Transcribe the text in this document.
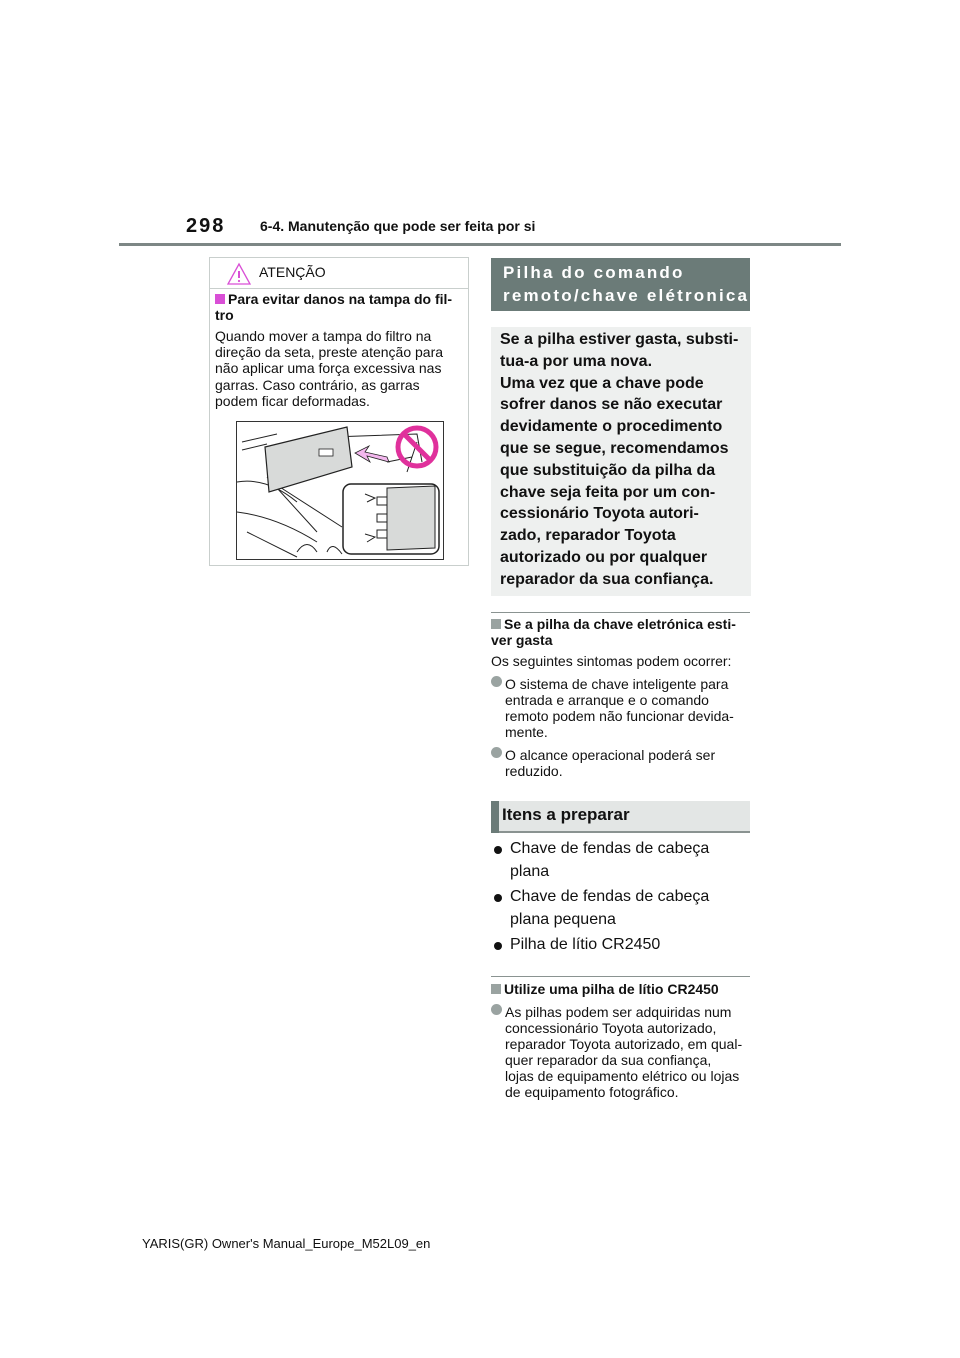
298 6-4. Manutenção que pode ser feita por si
ATENÇÃO
Para evitar danos na tampa do fil-
tro
Quando mover a tampa do filtro na
direção da seta, preste atenção para
não aplicar uma força excessiva nas
garras. Caso contrário, as garras
podem ficar deformadas.
Pilha do comando
remoto/chave elétronica
Se a pilha estiver gasta, substi-
tua-a por uma nova.
Uma vez que a chave pode
sofrer danos se não executar
devidamente o procedimento
que se segue, recomendamos
que substituição da pilha da
chave seja feita por um con-
cessionário Toyota autori-
zado, reparador Toyota
autorizado ou por qualquer
reparador da sua confiança.
Se a pilha da chave eletrónica esti-
ver gasta
Os seguintes sintomas podem ocorrer:
O sistema de chave inteligente para
entrada e arranque e o comando
remoto podem não funcionar devida-
mente.
O alcance operacional poderá ser
reduzido.
Itens a preparar
Chave de fendas de cabeça
plana
Chave de fendas de cabeça
plana pequena
Pilha de lítio CR2450
Utilize uma pilha de lítio CR2450
As pilhas podem ser adquiridas num
concessionário Toyota autorizado,
reparador Toyota autorizado, em qual-
quer reparador da sua confiança,
lojas de equipamento elétrico ou lojas
de equipamento fotográfico.
YARIS(GR) Owner's Manual_Europe_M52L09_en
